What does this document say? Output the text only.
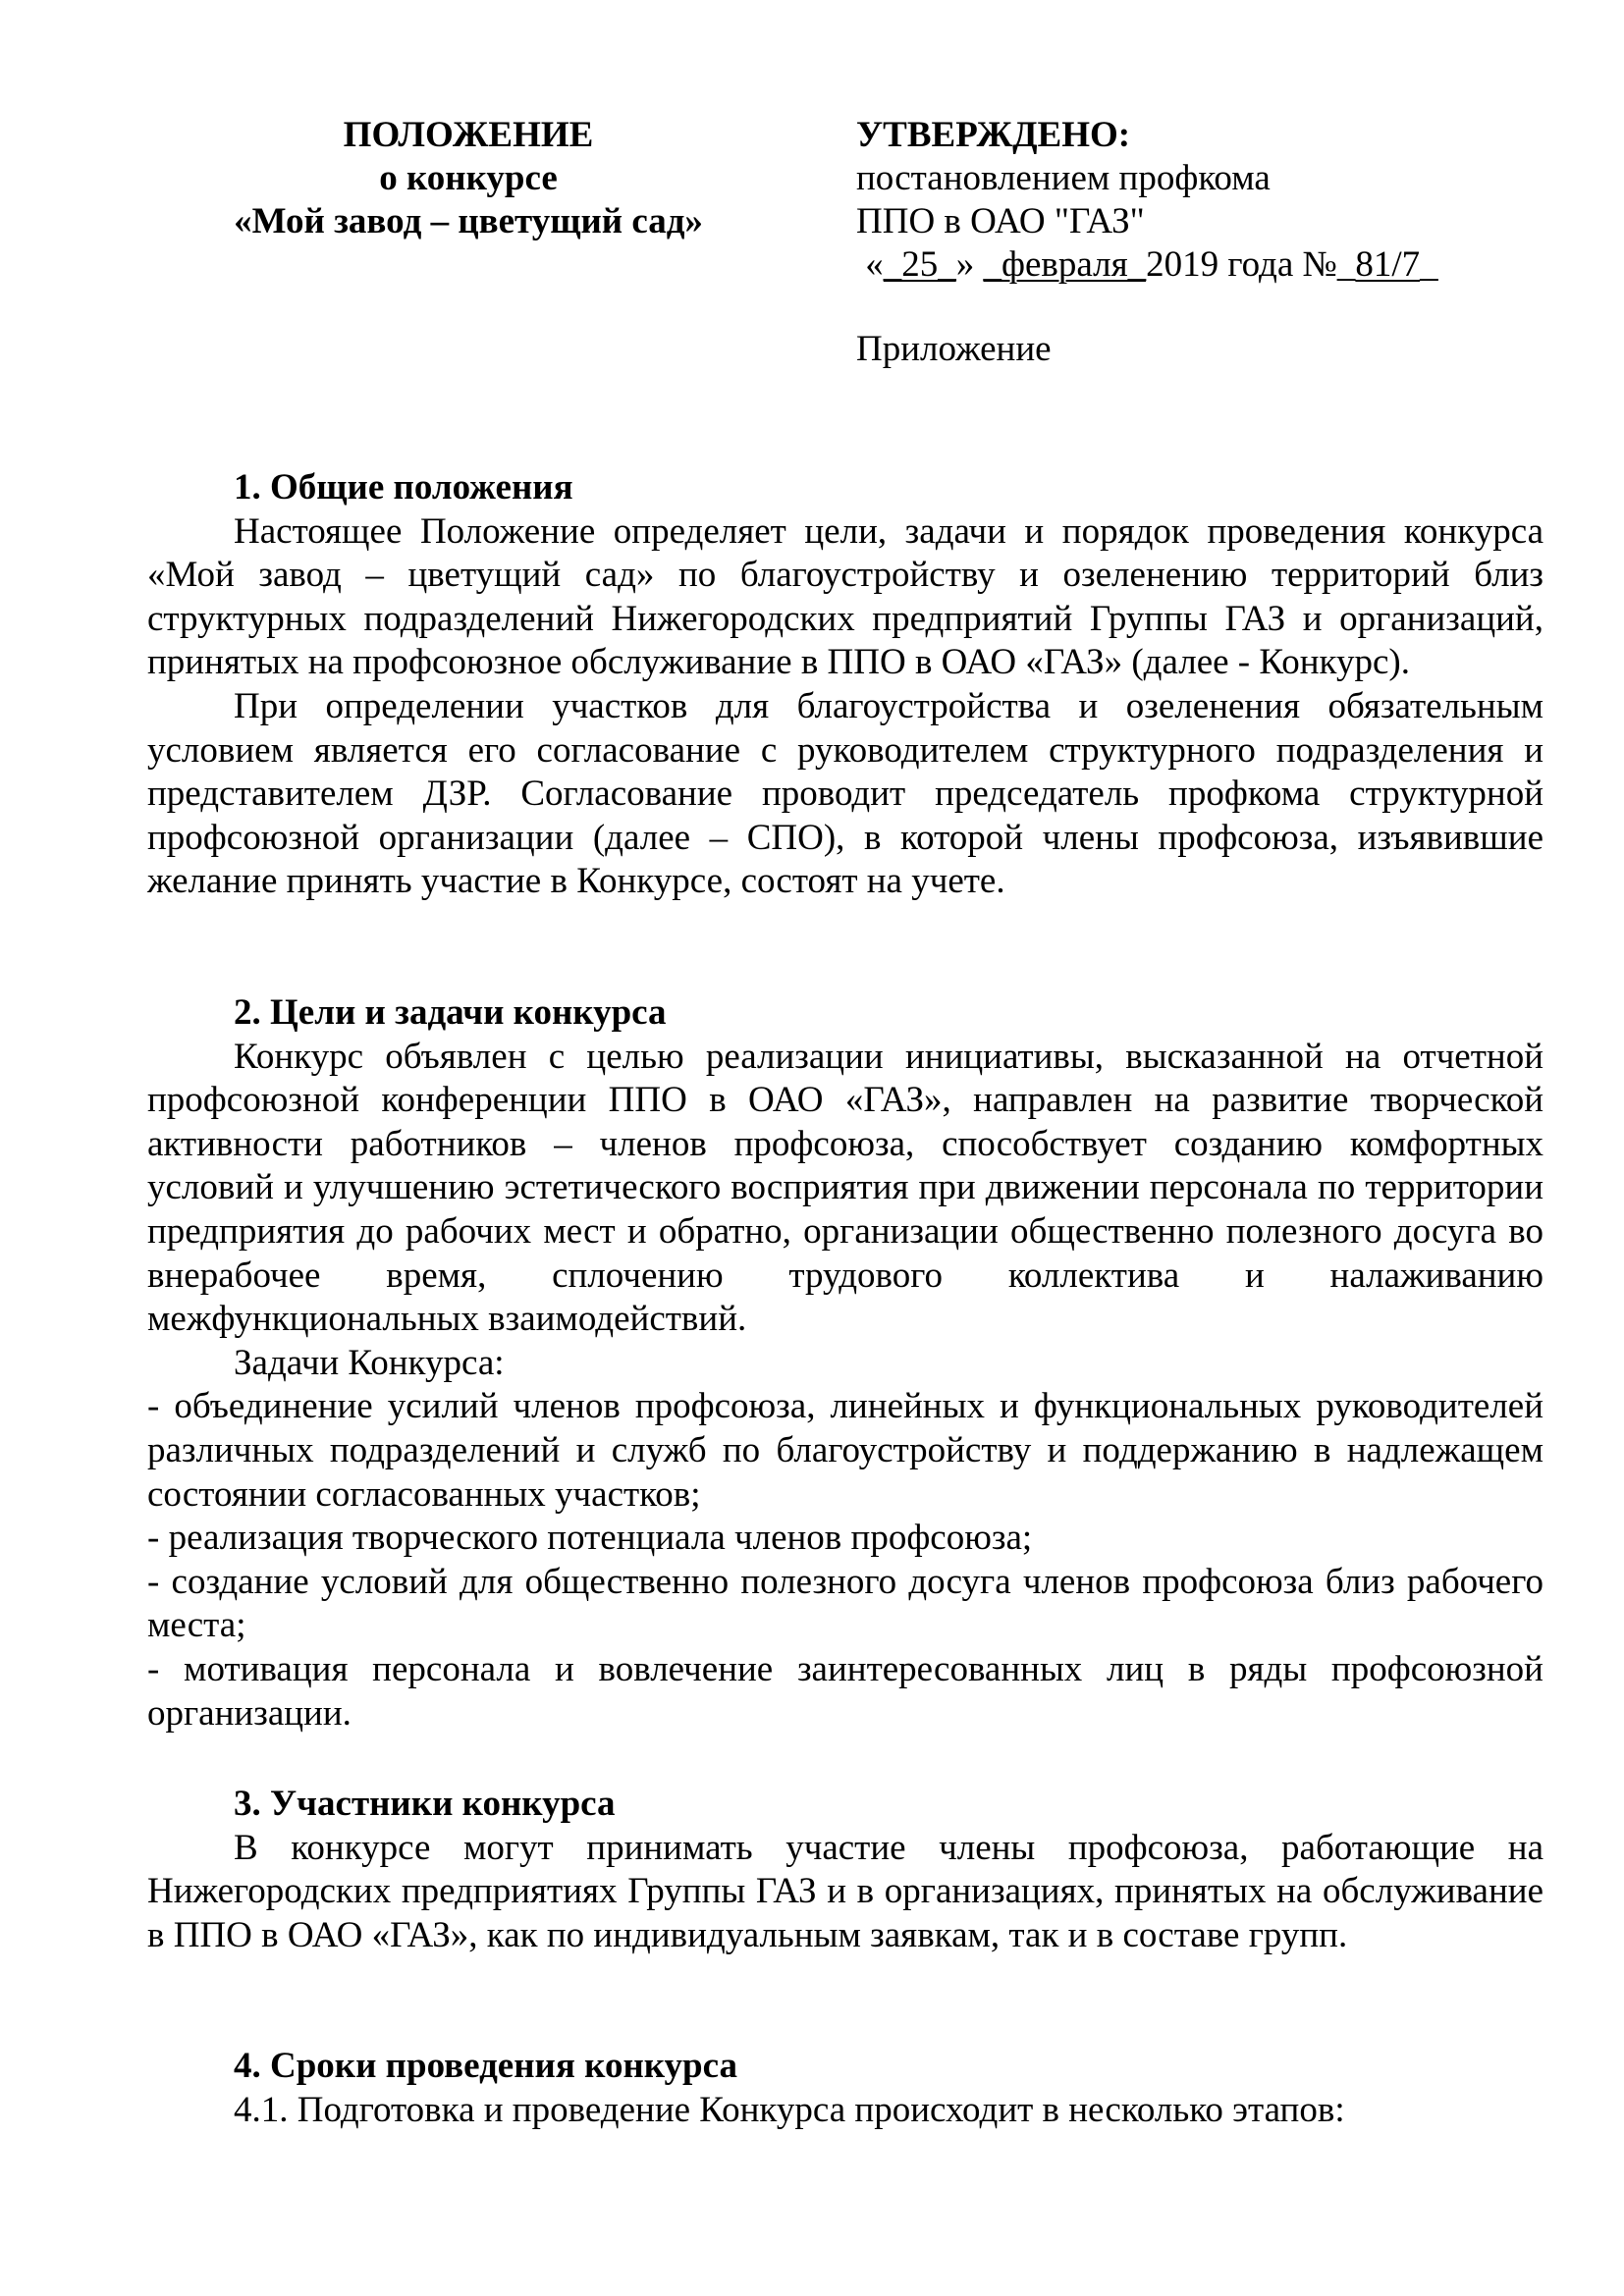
ПОЛОЖЕНИЕ
о конкурсе
«Мой завод – цветущий сад»
УТВЕРЖДЕНО:
постановлением профкома
ППО в ОАО "ГАЗ"
«_25_» _февраля_2019 года №_81/7_
Приложение
1. Общие положения

Настоящее Положение определяет цели, задачи и порядок проведения конкурса «Мой завод – цветущий сад» по благоустройству и озеленению территорий близ структурных подразделений Нижегородских предприятий Группы ГАЗ и организаций, принятых на профсоюзное обслуживание в ППО в ОАО «ГАЗ» (далее - Конкурс).

При определении участков для благоустройства и озеленения обязательным условием является его согласование с руководителем структурного подразделения и представителем ДЗР. Согласование проводит председатель профкома структурной профсоюзной организации (далее – СПО), в которой члены профсоюза, изъявившие желание принять участие в Конкурсе, состоят на учете.

2. Цели и задачи конкурса

Конкурс объявлен с целью реализации инициативы, высказанной на отчетной профсоюзной конференции ППО в ОАО «ГАЗ», направлен на развитие творческой активности работников – членов профсоюза, способствует созданию комфортных условий и улучшению эстетического восприятия при движении персонала по территории предприятия до рабочих мест и обратно, организации общественно полезного досуга во внерабочее время, сплочению трудового коллектива и налаживанию межфункциональных взаимодействий.

Задачи Конкурса:

- объединение усилий членов профсоюза, линейных и функциональных руководителей различных подразделений и служб по благоустройству и поддержанию в надлежащем состоянии согласованных участков;

- реализация творческого потенциала членов профсоюза;

- создание условий для общественно полезного досуга членов профсоюза близ рабочего места;

- мотивация персонала и вовлечение заинтересованных лиц в ряды профсоюзной организации.

3. Участники конкурса

В конкурсе могут принимать участие члены профсоюза, работающие на Нижегородских предприятиях Группы ГАЗ и в организациях, принятых на обслуживание в ППО в ОАО «ГАЗ», как по индивидуальным заявкам, так и в составе групп.

4. Сроки проведения конкурса

4.1. Подготовка и проведение Конкурса происходит в несколько этапов:
